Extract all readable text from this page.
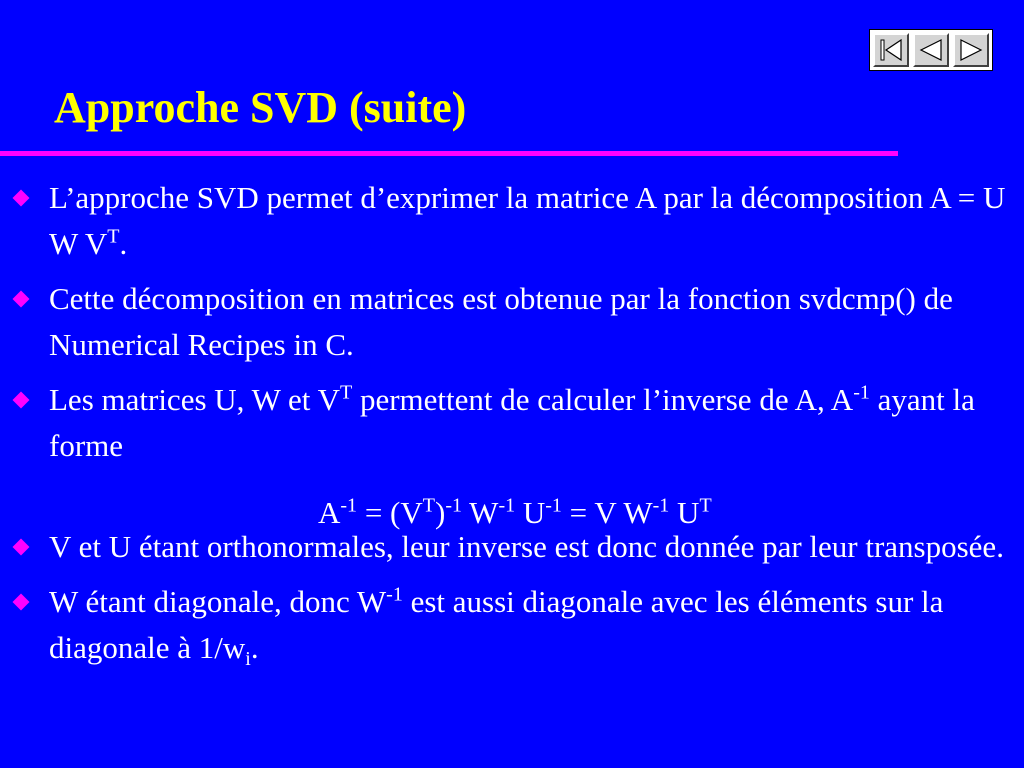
Approche SVD (suite)
L’approche SVD permet d’exprimer la matrice A par la décomposition A = U W $V^T$.
Cette décomposition en matrices est obtenue par la fonction svdcmp() de Numerical Recipes in C.
Les matrices U, W et $V^T$ permettent de calculer l’inverse de A, $A^{-1}$ ayant la forme
V et U étant orthonormales, leur inverse est donc donnée par leur transposée.
W étant diagonale, donc $W^{-1}$ est aussi diagonale avec les éléments sur la diagonale à $1/w_i$.
$A^{-1} = (V^T)^{-1}$ $W^{-1}$ $U^{-1} = V$ $W^{-1}$ $U^T$
